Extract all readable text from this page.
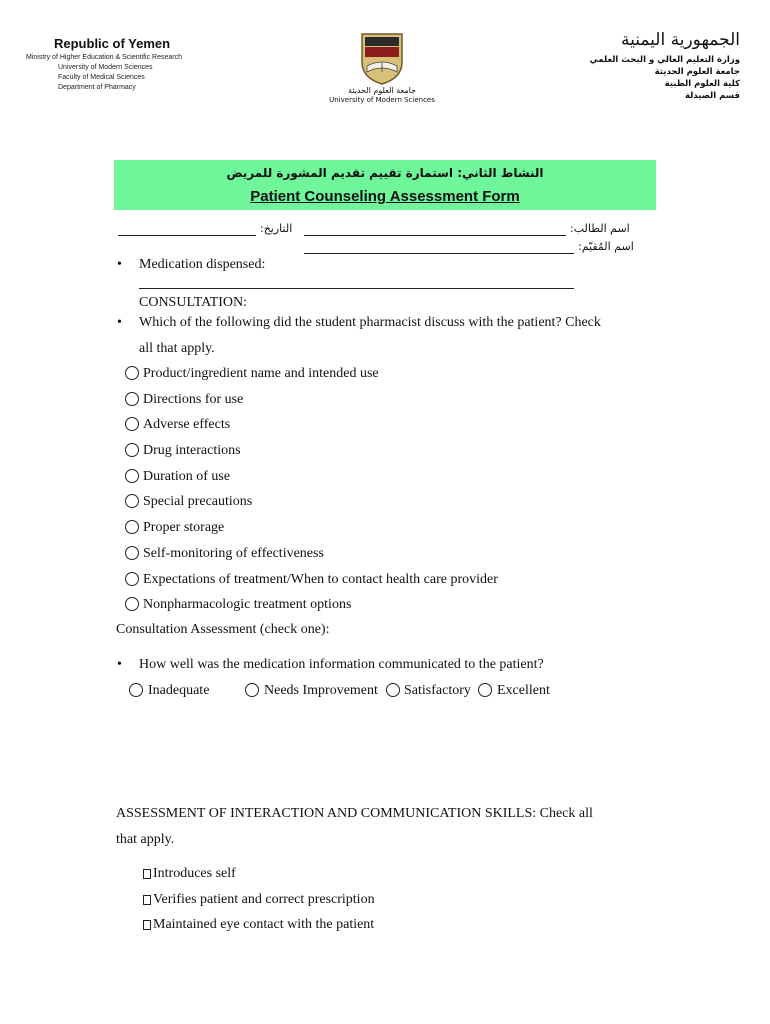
Republic of Yemen
Ministry of Higher Education & Scientific Research
University of Modern Sciences
Faculty of Medical Sciences
Department of Pharmacy	جامعة العلوم الحديثة
University of Modern Sciences
الجمهورية اليمنية
وزارة التعليم العالي و البحث العلمي
جامعة العلوم الحديثة
كلية العلوم الطبية
قسم الصيدلة
النشاط الثاني: استمارة تقييم تقديم المشورة للمريض
Patient Counseling Assessment Form
التاريخ:	اسم الطالب:
اسم المُقيّم:
• Medication dispensed:
CONSULTATION:
• Which of the following did the student pharmacist discuss with the patient? Check
all that apply.
Product/ingredient name and intended use
Directions for use
Adverse effects
Drug interactions
Duration of use
Special precautions
Proper storage
Self-monitoring of effectiveness
Expectations of treatment/When to contact health care provider
Nonpharmacologic treatment options
Consultation Assessment (check one):
• How well was the medication information communicated to the patient?
Inadequate	Needs Improvement Satisfactory Excellent
ASSESSMENT OF INTERACTION AND COMMUNICATION SKILLS: Check all
that apply.
Introduces self
Verifies patient and correct prescription
Maintained eye contact with the patient
